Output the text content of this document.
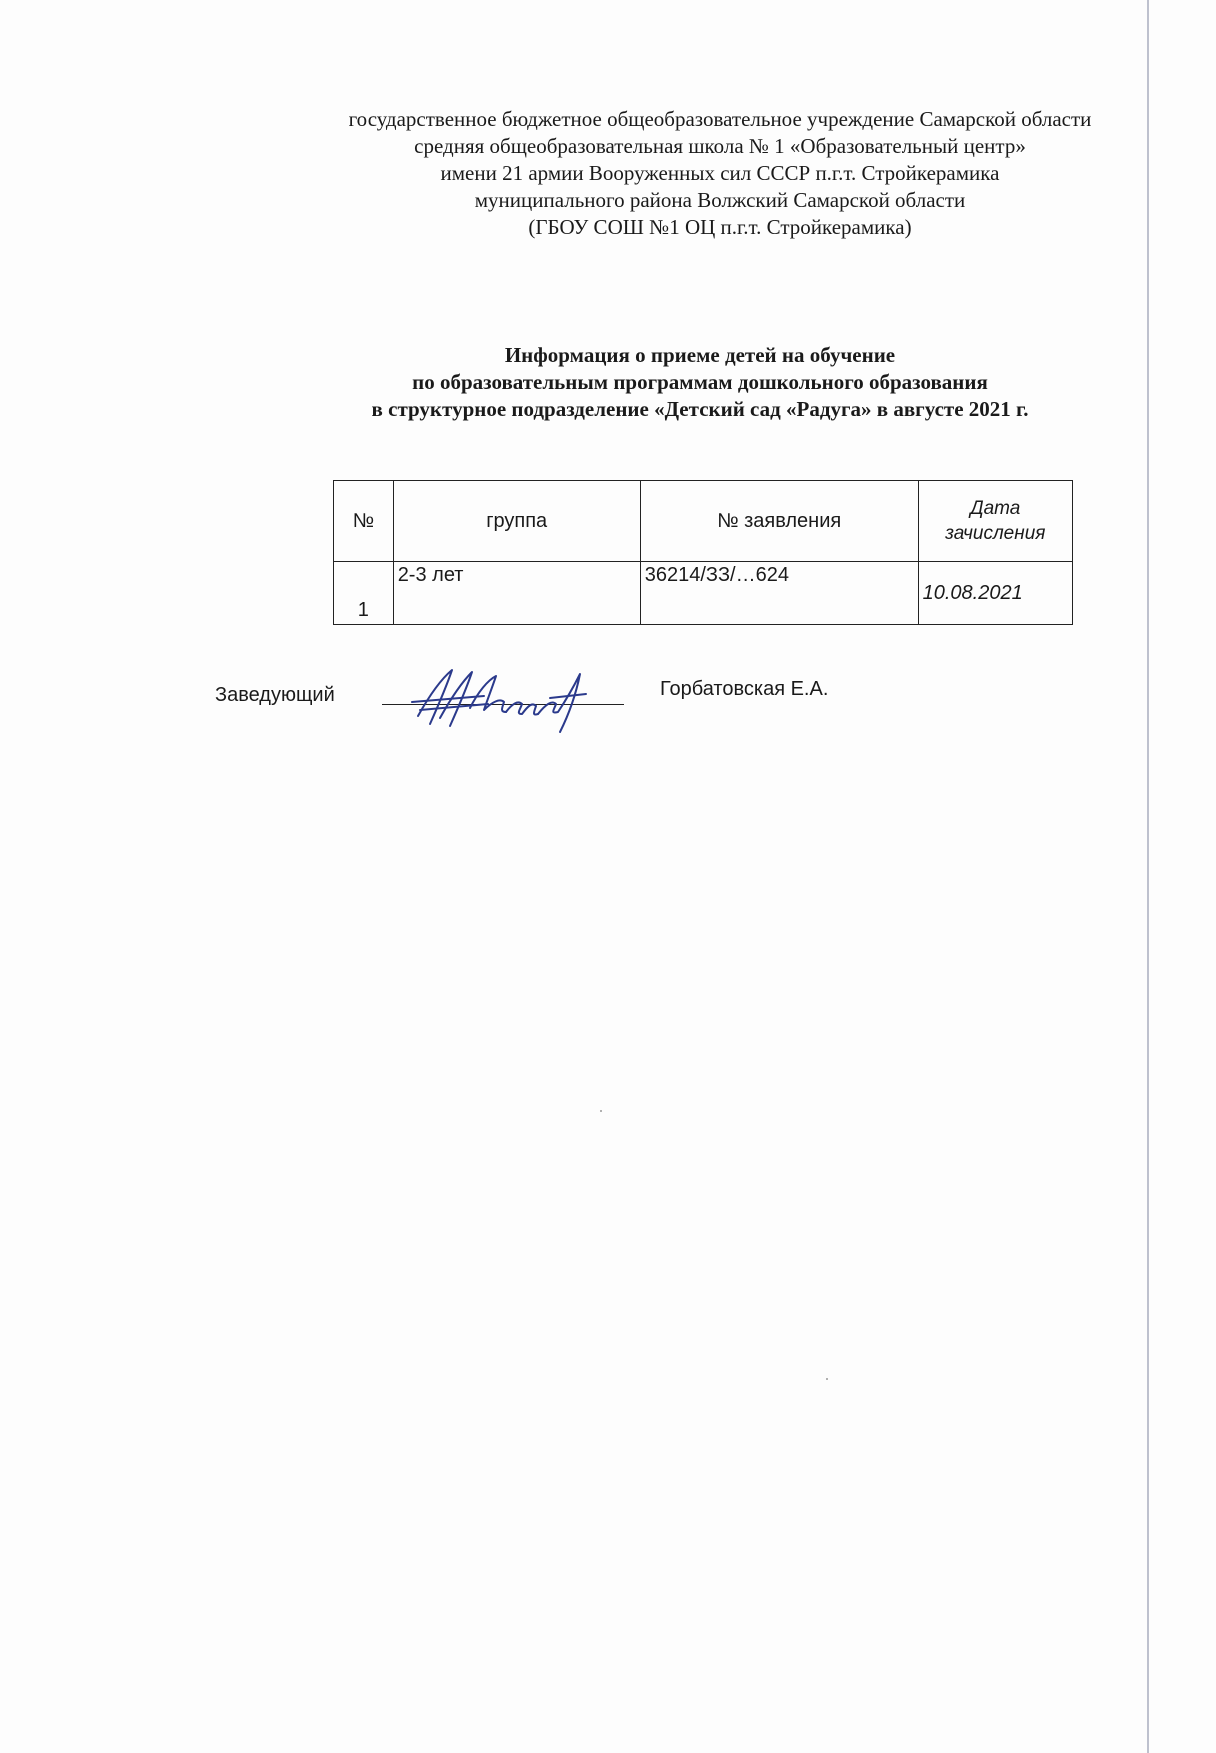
государственное бюджетное общеобразовательное учреждение Самарской области
средняя общеобразовательная школа № 1 «Образовательный центр»
имени 21 армии Вооруженных сил СССР п.г.т. Стройкерамика
муниципального района Волжский Самарской области
(ГБОУ СОШ №1 ОЦ п.г.т. Стройкерамика)
Информация о приеме детей на обучение
по образовательным программам дошкольного образования
в структурное подразделение «Детский сад «Радуга» в августе 2021 г.
№	группа	№ заявления	Дата
зачисления
1	2-3 лет	36214/ЗЗ/…624	10.08.2021
Заведующий	Горбатовская Е.А.
